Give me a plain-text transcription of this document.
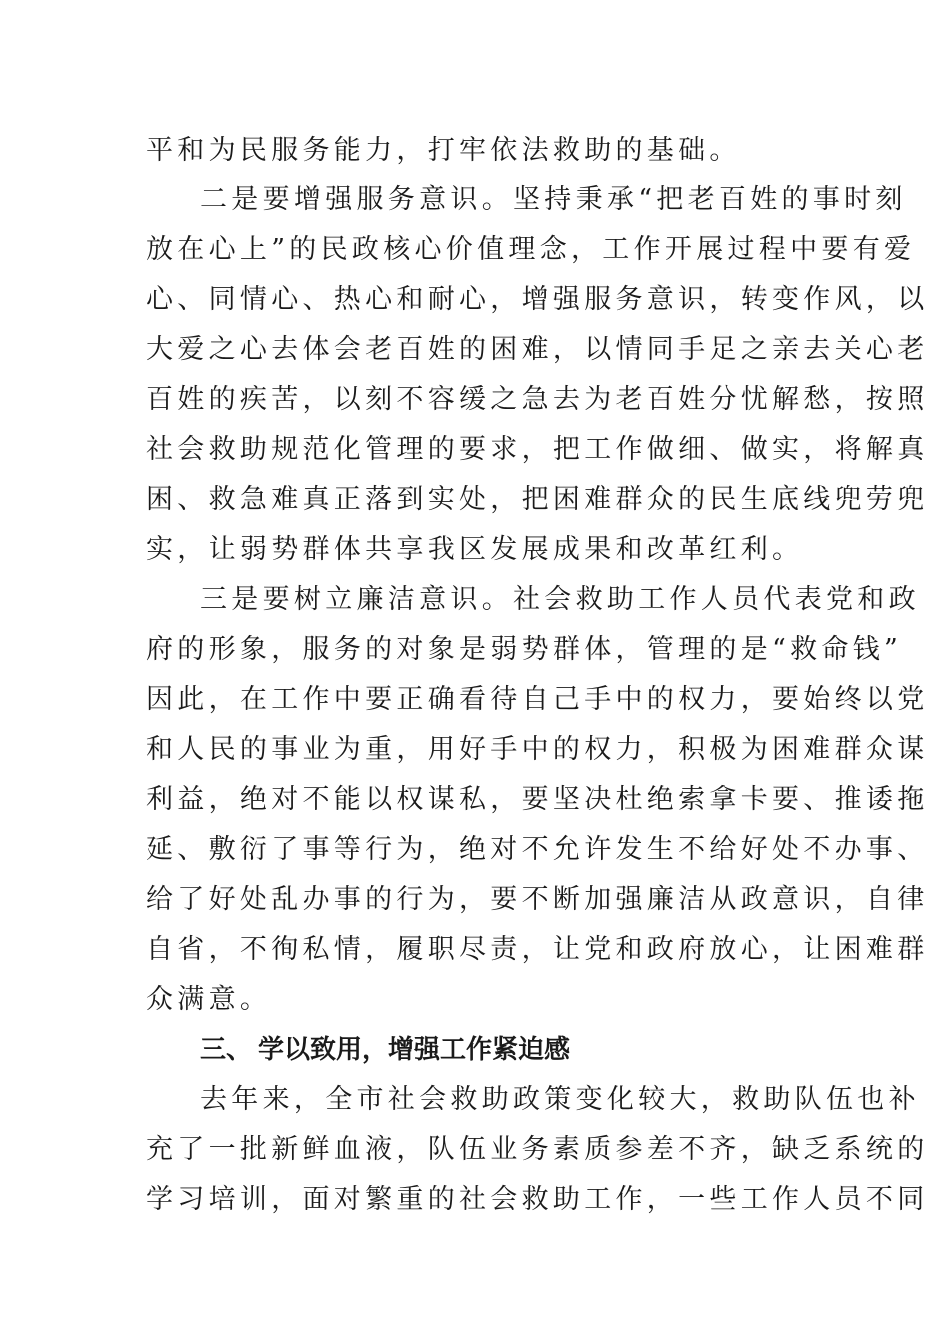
平和为民服务能力，打牢依法救助的基础。
二是要增强服务意识。坚持秉承“把老百姓的事时刻
放在心上”的民政核心价值理念，工作开展过程中要有爱
心、同情心、热心和耐心，增强服务意识，转变作风，以
大爱之心去体会老百姓的困难，以情同手足之亲去关心老
百姓的疾苦，以刻不容缓之急去为老百姓分忧解愁，按照
社会救助规范化管理的要求，把工作做细、做实，将解真
困、救急难真正落到实处，把困难群众的民生底线兜劳兜
实，让弱势群体共享我区发展成果和改革红利。
三是要树立廉洁意识。社会救助工作人员代表党和政
府的形象，服务的对象是弱势群体，管理的是“救命钱”
因此，在工作中要正确看待自己手中的权力，要始终以党
和人民的事业为重，用好手中的权力，积极为困难群众谋
利益，绝对不能以权谋私，要坚决杜绝索拿卡要、推诿拖
延、敷衍了事等行为，绝对不允许发生不给好处不办事、
给了好处乱办事的行为，要不断加强廉洁从政意识，自律
自省，不徇私情，履职尽责，让党和政府放心，让困难群
众满意。
三、 学以致用，增强工作紧迫感
去年来，全市社会救助政策变化较大，救助队伍也补
充了一批新鲜血液，队伍业务素质参差不齐，缺乏系统的
学习培训，面对繁重的社会救助工作，一些工作人员不同
